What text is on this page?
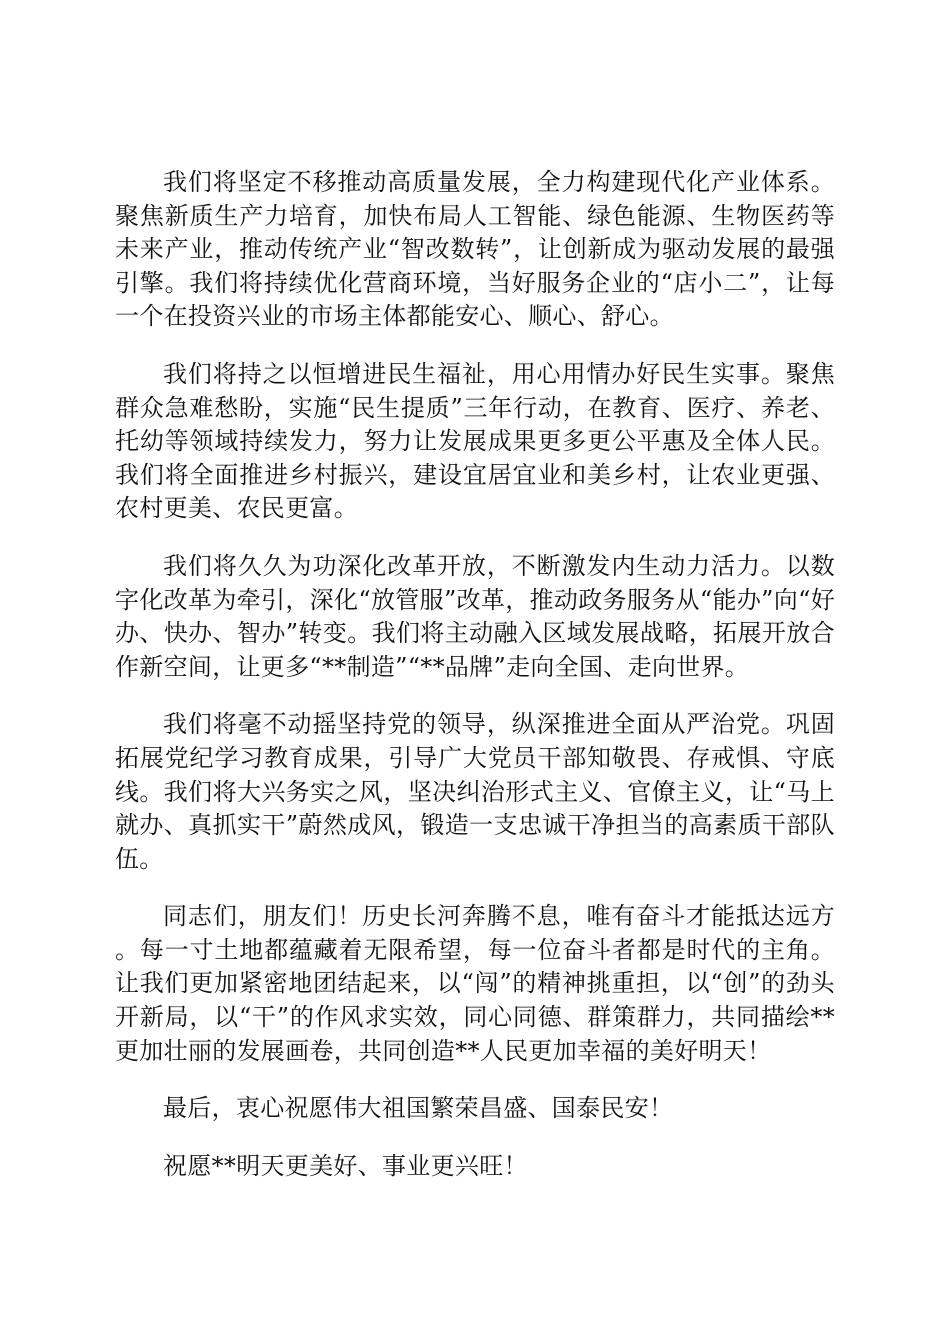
我们将坚定不移推动高质量发展，全力构建现代化产业体系。聚焦新质生产力培育，加快布局人工智能、绿色能源、生物医药等未来产业，推动传统产业“智改数转”，让创新成为驱动发展的最强引擎。我们将持续优化营商环境，当好服务企业的“店小二”，让每一个在投资兴业的市场主体都能安心、顺心、舒心。

我们将持之以恒增进民生福祉，用心用情办好民生实事。聚焦群众急难愁盼，实施“民生提质”三年行动，在教育、医疗、养老、托幼等领域持续发力，努力让发展成果更多更公平惠及全体人民。我们将全面推进乡村振兴，建设宜居宜业和美乡村，让农业更强、农村更美、农民更富。

我们将久久为功深化改革开放，不断激发内生动力活力。以数字化改革为牵引，深化“放管服”改革，推动政务服务从“能办”向“好办、快办、智办”转变。我们将主动融入区域发展战略，拓展开放合作新空间，让更多“**制造”“**品牌”走向全国、走向世界。

我们将毫不动摇坚持党的领导，纵深推进全面从严治党。巩固拓展党纪学习教育成果，引导广大党员干部知敬畏、存戒惧、守底线。我们将大兴务实之风，坚决纠治形式主义、官僚主义，让“马上就办、真抓实干”蔚然成风，锻造一支忠诚干净担当的高素质干部队伍。

同志们，朋友们！历史长河奔腾不息，唯有奋斗才能抵达远方。每一寸土地都蕴藏着无限希望，每一位奋斗者都是时代的主角。让我们更加紧密地团结起来，以“闯”的精神挑重担，以“创”的劲头开新局，以“干”的作风求实效，同心同德、群策群力，共同描绘**更加壮丽的发展画卷，共同创造**人民更加幸福的美好明天！

最后，衷心祝愿伟大祖国繁荣昌盛、国泰民安！

祝愿**明天更美好、事业更兴旺！
